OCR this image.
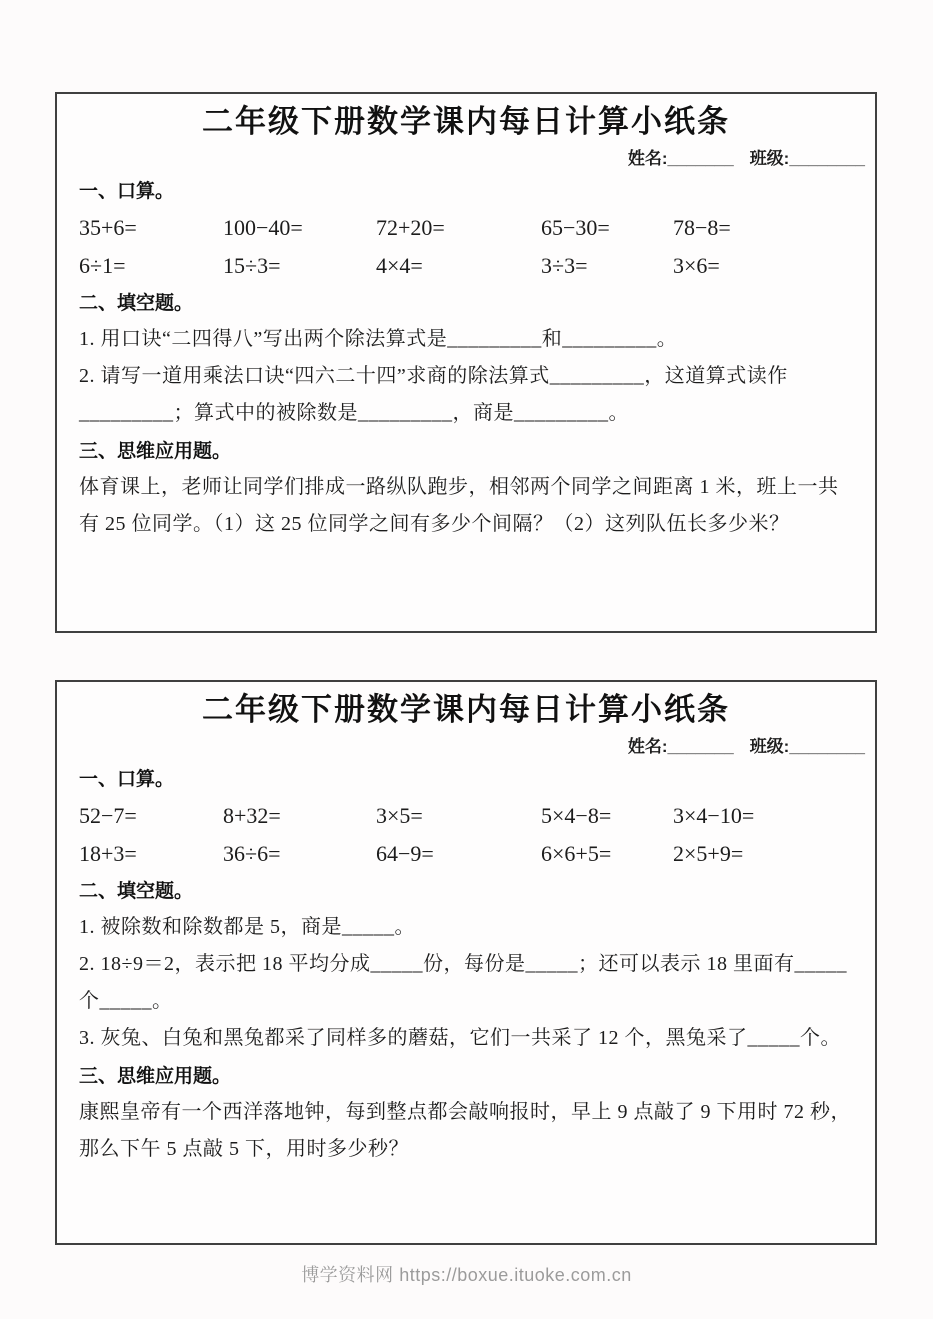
二年级下册数学课内每日计算小纸条
姓名:_______ 班级:________
一、口算。
35+6=	100−40=	72+20=	65−30=	78−8=
6÷1=	15÷3=	4×4=	3÷3=	3×6=
二、填空题。

1. 用口诀“二四得八”写出两个除法算式是_________和_________。

2. 请写一道用乘法口诀“四六二十四”求商的除法算式_________，这道算式读作_________；算式中的被除数是_________，商是_________。

三、思维应用题。

体育课上，老师让同学们排成一路纵队跑步，相邻两个同学之间距离 1 米，班上一共有 25 位同学。（1）这 25 位同学之间有多少个间隔？（2）这列队伍长多少米？

二年级下册数学课内每日计算小纸条
姓名:_______ 班级:________
一、口算。
52−7=	8+32=	3×5=	5×4−8=	3×4−10=
18+3=	36÷6=	64−9=	6×6+5=	2×5+9=
二、填空题。

1. 被除数和除数都是 5，商是_____。

2. 18÷9＝2，表示把 18 平均分成_____份，每份是_____；还可以表示 18 里面有_____个_____。

3. 灰兔、白兔和黑兔都采了同样多的蘑菇，它们一共采了 12 个，黑兔采了_____个。

三、思维应用题。

康熙皇帝有一个西洋落地钟，每到整点都会敲响报时，早上 9 点敲了 9 下用时 72 秒，那么下午 5 点敲 5 下，用时多少秒？

博学资料网 https://boxue.ituoke.com.cn
